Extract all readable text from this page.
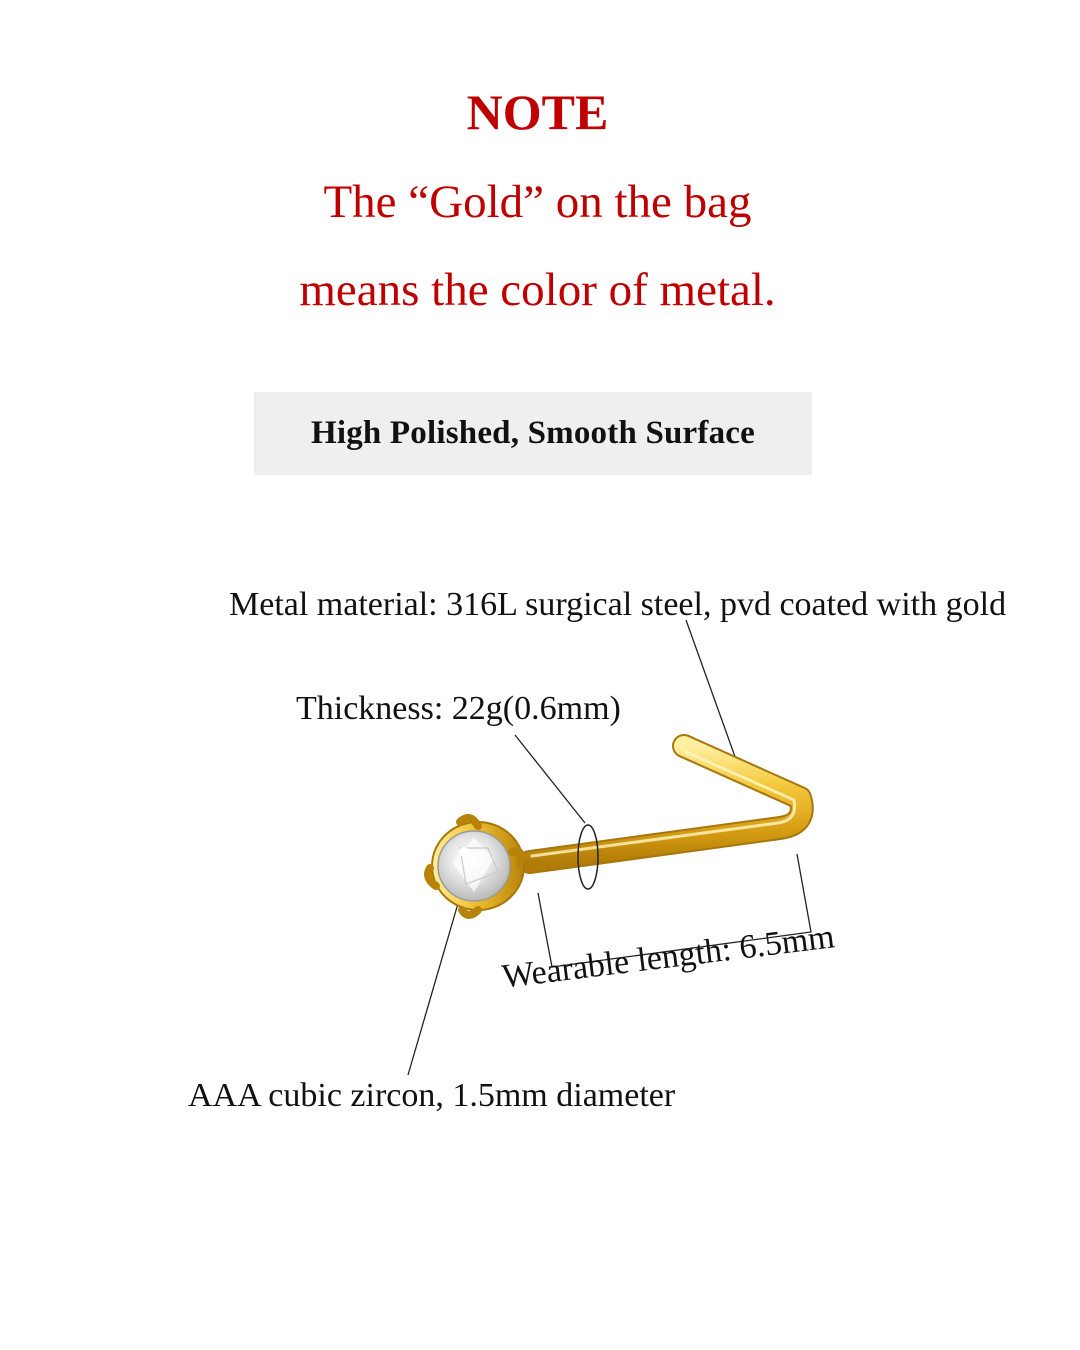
NOTE
The “Gold” on the bag
means the color of metal.
High Polished, Smooth Surface
Metal material: 316L surgical steel, pvd coated with gold
Thickness: 22g(0.6mm)
Wearable length: 6.5mm
AAA cubic zircon, 1.5mm diameter
